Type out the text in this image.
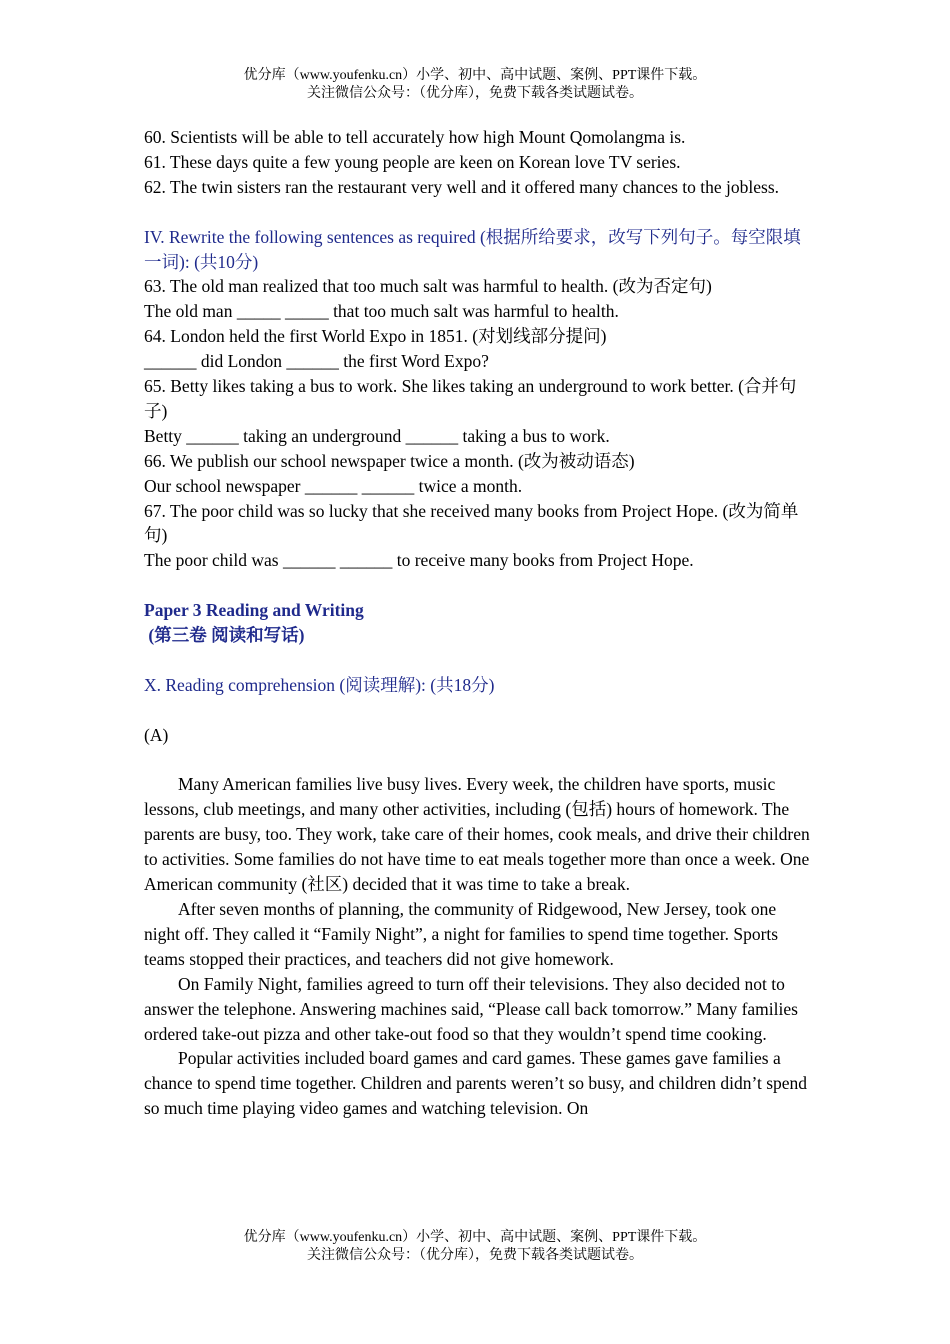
优分库（www.youfenku.cn）小学、初中、高中试题、案例、PPT课件下载。
关注微信公众号：（优分库），免费下载各类试题试卷。

60. Scientists will be able to tell accurately how high Mount Qomolangma is.

61. These days quite a few young people are keen on Korean love TV series.

62. The twin sisters ran the restaurant very well and it offered many chances to the jobless.

IV. Rewrite the following sentences as required (根据所给要求，改写下列句子。每空限填一词): (共10分)

63. The old man realized that too much salt was harmful to health. (改为否定句)

The old man _____ _____ that too much salt was harmful to health.

64. London held the first World Expo in 1851. (对划线部分提问)

______ did London ______ the first Word Expo?

65. Betty likes taking a bus to work. She likes taking an underground to work better. (合并句子)

Betty ______ taking an underground ______ taking a bus to work.

66. We publish our school newspaper twice a month. (改为被动语态)

Our school newspaper ______ ______ twice a month.

67. The poor child was so lucky that she received many books from Project Hope. (改为简单句)

The poor child was ______ ______ to receive many books from Project Hope.

Paper 3 Reading and Writing

(第三卷 阅读和写话)

X. Reading comprehension (阅读理解): (共18分)

(A)

Many American families live busy lives. Every week, the children have sports, music lessons, club meetings, and many other activities, including (包括) hours of homework. The parents are busy, too. They work, take care of their homes, cook meals, and drive their children to activities. Some families do not have time to eat meals together more than once a week. One American community (社区) decided that it was time to take a break.

After seven months of planning, the community of Ridgewood, New Jersey, took one night off. They called it “Family Night”, a night for families to spend time together. Sports teams stopped their practices, and teachers did not give homework.

On Family Night, families agreed to turn off their televisions. They also decided not to answer the telephone. Answering machines said, “Please call back tomorrow.” Many families ordered take-out pizza and other take-out food so that they wouldn’t spend time cooking.

Popular activities included board games and card games. These games gave families a chance to spend time together. Children and parents weren’t so busy, and children didn’t spend so much time playing video games and watching television. On

优分库（www.youfenku.cn）小学、初中、高中试题、案例、PPT课件下载。
关注微信公众号：（优分库），免费下载各类试题试卷。
